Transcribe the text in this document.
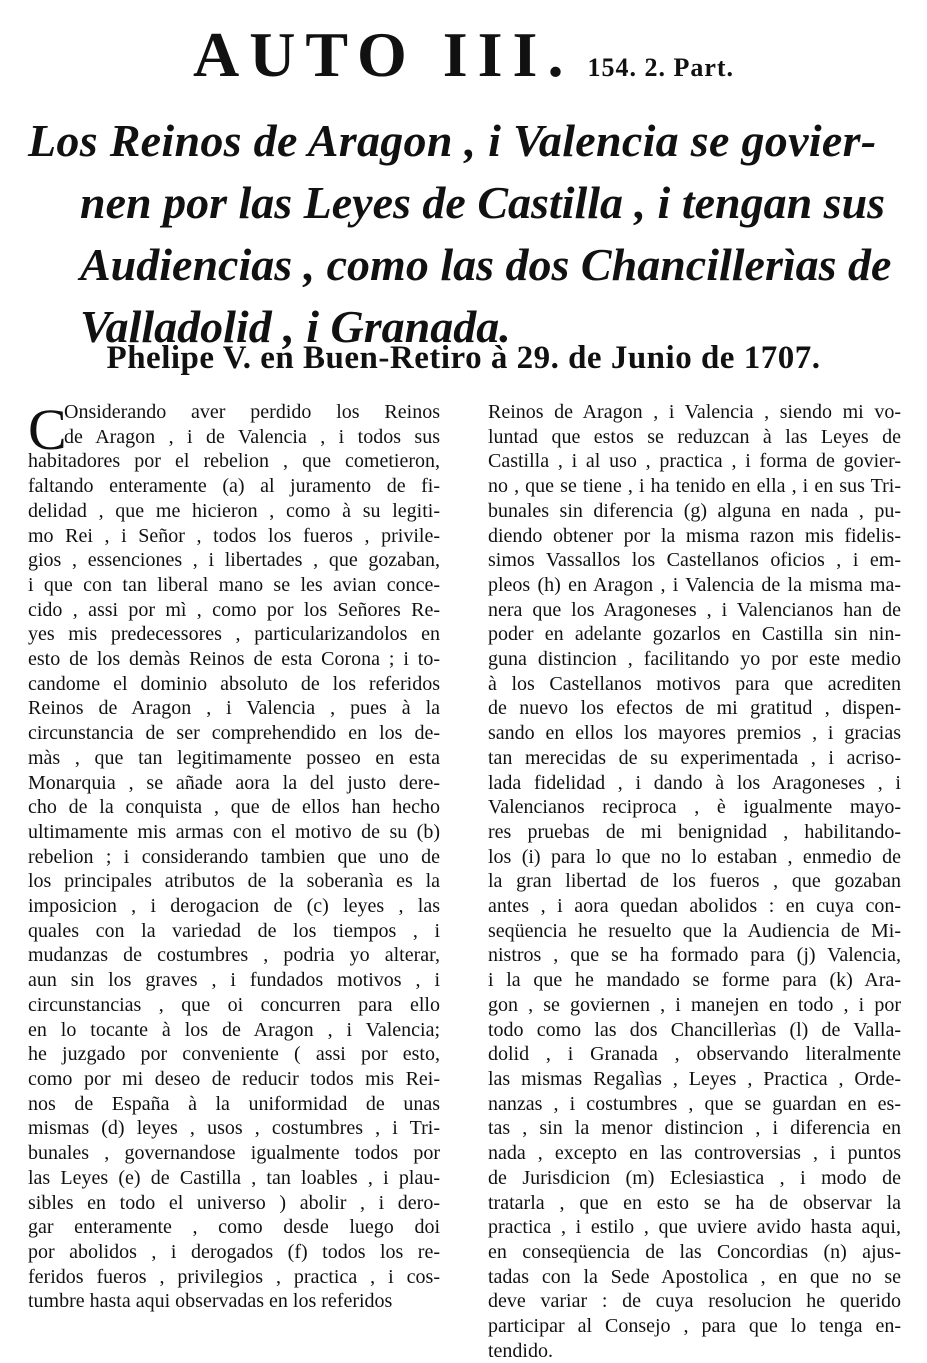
AUTO III. 154. 2. Part.
Los Reinos de Aragon , i Valencia se govier-
nen por las Leyes de Castilla , i tengan sus
Audiencias , como las dos Chancillerìas de
Valladolid , i Granada.
Phelipe V. en Buen-Retiro à 29. de Junio de 1707.
C
Onsiderando aver perdido los Reinos
de Aragon , i de Valencia , i todos sus
habitadores por el rebelion , que cometieron,
faltando enteramente (a) al juramento de fi-
delidad , que me hicieron , como à su legiti-
mo Rei , i Señor , todos los fueros , privile-
gios , essenciones , i libertades , que gozaban,
i que con tan liberal mano se les avian conce-
cido , assi por mì , como por los Señores Re-
yes mis predecessores , particularizandolos en
esto de los demàs Reinos de esta Corona ; i to-
candome el dominio absoluto de los referidos
Reinos de Aragon , i Valencia , pues à la
circunstancia de ser comprehendido en los de-
màs , que tan legitimamente posseo en esta
Monarquia , se añade aora la del justo dere-
cho de la conquista , que de ellos han hecho
ultimamente mis armas con el motivo de su (b)
rebelion ; i considerando tambien que uno de
los principales atributos de la soberanìa es la
imposicion , i derogacion de (c) leyes , las
quales con la variedad de los tiempos , i
mudanzas de costumbres , podria yo alterar,
aun sin los graves , i fundados motivos , i
circunstancias , que oi concurren para ello
en lo tocante à los de Aragon , i Valencia;
he juzgado por conveniente ( assi por esto,
como por mi deseo de reducir todos mis Rei-
nos de España à la uniformidad de unas
mismas (d) leyes , usos , costumbres , i Tri-
bunales , governandose igualmente todos por
las Leyes (e) de Castilla , tan loables , i plau-
sibles en todo el universo ) abolir , i dero-
gar enteramente , como desde luego doi
por abolidos , i derogados (f) todos los re-
feridos fueros , privilegios , practica , i cos-
tumbre hasta aqui observadas en los referidos
Reinos de Aragon , i Valencia , siendo mi vo-
luntad que estos se reduzcan à las Leyes de
Castilla , i al uso , practica , i forma de govier-
no , que se tiene , i ha tenido en ella , i en sus Tri-
bunales sin diferencia (g) alguna en nada , pu-
diendo obtener por la misma razon mis fidelis-
simos Vassallos los Castellanos oficios , i em-
pleos (h) en Aragon , i Valencia de la misma ma-
nera que los Aragoneses , i Valencianos han de
poder en adelante gozarlos en Castilla sin nin-
guna distincion , facilitando yo por este medio
à los Castellanos motivos para que acrediten
de nuevo los efectos de mi gratitud , dispen-
sando en ellos los mayores premios , i gracias
tan merecidas de su experimentada , i acriso-
lada fidelidad , i dando à los Aragoneses , i
Valencianos reciproca , è igualmente mayo-
res pruebas de mi benignidad , habilitando-
los (i) para lo que no lo estaban , enmedio de
la gran libertad de los fueros , que gozaban
antes , i aora quedan abolidos : en cuya con-
seqüencia he resuelto que la Audiencia de Mi-
nistros , que se ha formado para (j) Valencia,
i la que he mandado se forme para (k) Ara-
gon , se goviernen , i manejen en todo , i por
todo como las dos Chancillerìas (l) de Valla-
dolid , i Granada , observando literalmente
las mismas Regalìas , Leyes , Practica , Orde-
nanzas , i costumbres , que se guardan en es-
tas , sin la menor distincion , i diferencia en
nada , excepto en las controversias , i puntos
de Jurisdicion (m) Eclesiastica , i modo de
tratarla , que en esto se ha de observar la
practica , i estilo , que uviere avido hasta aqui,
en conseqüencia de las Concordias (n) ajus-
tadas con la Sede Apostolica , en que no se
deve variar : de cuya resolucion he querido
participar al Consejo , para que lo tenga en-
tendido.
